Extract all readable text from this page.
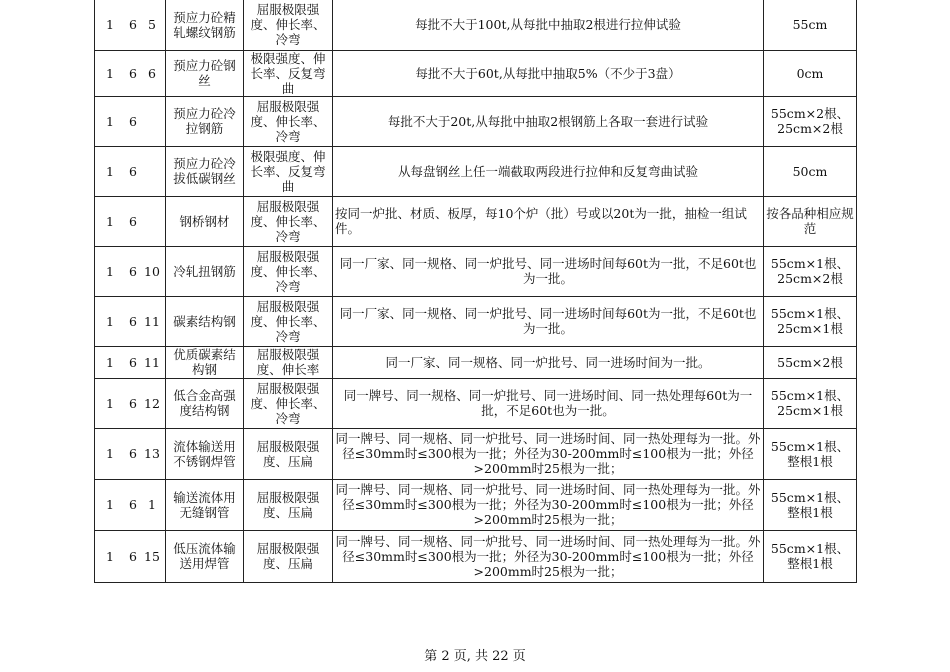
1 6 5	预应力砼精轧螺纹钢筋	屈服极限强度、伸长率、冷弯	每批不大于100t,从每批中抽取2根进行拉伸试验	55cm

1 6 6	预应力砼钢丝	极限强度、伸长率、反复弯曲	每批不大于60t,从每批中抽取5%（不少于3盘）	0cm

1 6	预应力砼冷拉钢筋	屈服极限强度、伸长率、冷弯	每批不大于20t,从每批中抽取2根钢筋上各取一套进行试验	55cm×2根、25cm×2根

1 6	预应力砼冷拔低碳钢丝	极限强度、伸长率、反复弯曲	从每盘钢丝上任一端截取两段进行拉伸和反复弯曲试验	50cm

1 6	钢桥钢材	屈服极限强度、伸长率、冷弯	按同一炉批、材质、板厚，每10个炉（批）号或以20t为一批，抽检一组试件。	按各品种相应规范

1 6 10	冷轧扭钢筋	屈服极限强度、伸长率、冷弯	同一厂家、同一规格、同一炉批号、同一进场时间每60t为一批，不足60t也为一批。	55cm×1根、25cm×2根

1 6 11	碳素结构钢	屈服极限强度、伸长率、冷弯	同一厂家、同一规格、同一炉批号、同一进场时间每60t为一批，不足60t也为一批。	55cm×1根、25cm×1根

1 6 11	优质碳素结构钢	屈服极限强度、伸长率	同一厂家、同一规格、同一炉批号、同一进场时间为一批。	55cm×2根

1 6 12	低合金高强度结构钢	屈服极限强度、伸长率、冷弯	同一牌号、同一规格、同一炉批号、同一进场时间、同一热处理每60t为一批，不足60t也为一批。	55cm×1根、25cm×1根

1 6 13	流体输送用不锈钢焊管	屈服极限强度、压扁	同一牌号、同一规格、同一炉批号、同一进场时间、同一热处理每为一批。外径≤30mm时≤300根为一批；外径为30-200mm时≤100根为一批；外径>200mm时25根为一批；	55cm×1根、整根1根

1 6 1	输送流体用无缝钢管	屈服极限强度、压扁	同一牌号、同一规格、同一炉批号、同一进场时间、同一热处理每为一批。外径≤30mm时≤300根为一批；外径为30-200mm时≤100根为一批；外径>200mm时25根为一批；	55cm×1根、整根1根

1 6 15	低压流体输送用焊管	屈服极限强度、压扁	同一牌号、同一规格、同一炉批号、同一进场时间、同一热处理每为一批。外径≤30mm时≤300根为一批；外径为30-200mm时≤100根为一批；外径>200mm时25根为一批；	55cm×1根、整根1根
第 2 页, 共 22 页
